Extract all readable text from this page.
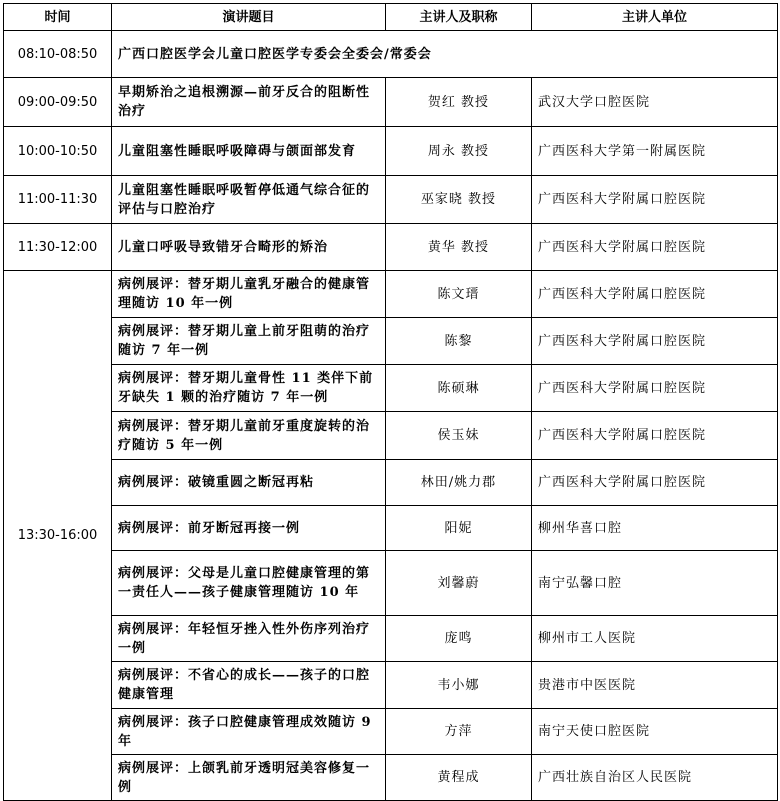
时间	演讲题目	主讲人及职称	主讲人单位
08:10-08:50	广西口腔医学会儿童口腔医学专委会全委会/常委会		
09:00-09:50	早期矫治之追根溯源—前牙反合的阻断性治疗	贺红 教授	武汉大学口腔医院
10:00-10:50	儿童阻塞性睡眠呼吸障碍与颌面部发育	周永 教授	广西医科大学第一附属医院
11:00-11:30	儿童阻塞性睡眠呼吸暂停低通气综合征的评估与口腔治疗	巫家晓 教授	广西医科大学附属口腔医院
11:30-12:00	儿童口呼吸导致错牙合畸形的矫治	黄华 教授	广西医科大学附属口腔医院
13:30-16:00	病例展评：替牙期儿童乳牙融合的健康管理随访 10 年一例	陈文瑨	广西医科大学附属口腔医院
	病例展评：替牙期儿童上前牙阻萌的治疗随访 7 年一例	陈黎	广西医科大学附属口腔医院
	病例展评：替牙期儿童骨性 11 类伴下前牙缺失 1 颗的治疗随访 7 年一例	陈硕琳	广西医科大学附属口腔医院
	病例展评：替牙期儿童前牙重度旋转的治疗随访 5 年一例	侯玉妹	广西医科大学附属口腔医院
	病例展评：破镜重圆之断冠再粘	林田/姚力郡	广西医科大学附属口腔医院
	病例展评：前牙断冠再接一例	阳妮	柳州华喜口腔
	病例展评：父母是儿童口腔健康管理的第一责任人——孩子健康管理随访 10 年	刘馨蔚	南宁弘馨口腔
	病例展评：年轻恒牙挫入性外伤序列治疗一例	庞鸣	柳州市工人医院
	病例展评：不省心的成长——孩子的口腔健康管理	韦小娜	贵港市中医医院
	病例展评：孩子口腔健康管理成效随访 9 年	方萍	南宁天使口腔医院
	病例展评：上颌乳前牙透明冠美容修复一例	黄程成	广西壮族自治区人民医院
